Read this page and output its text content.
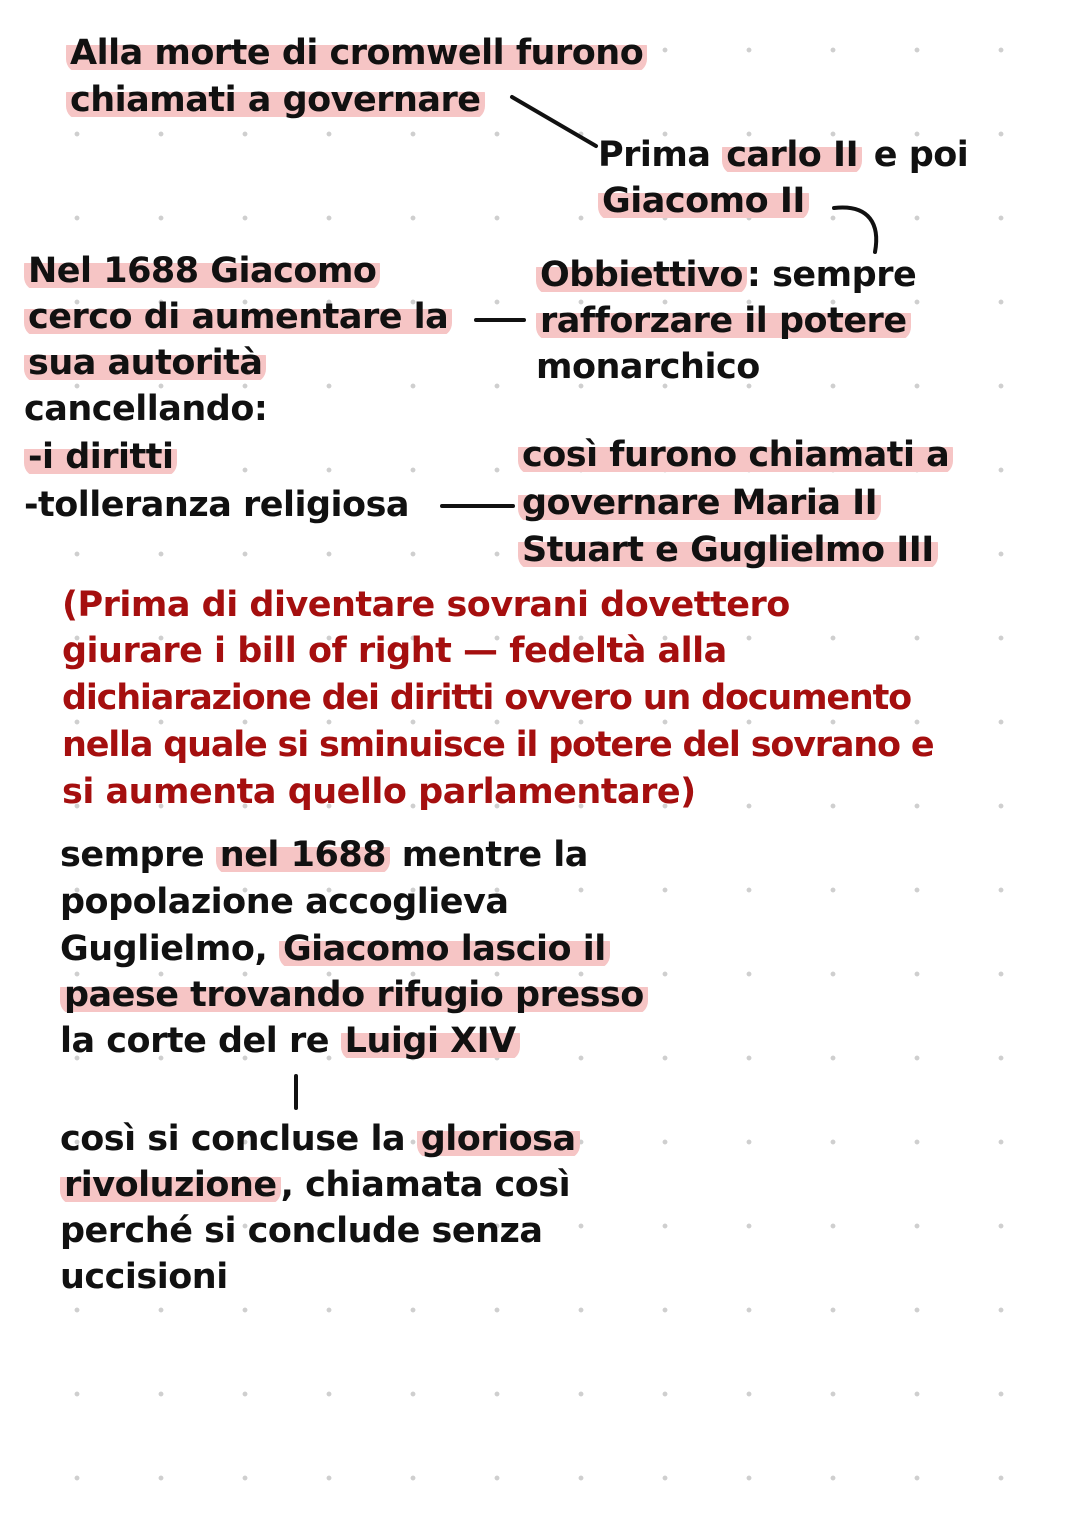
Alla morte di cromwell furono
chiamati a governare
Prima carlo II e poi
Giacomo II
Obbiettivo : sempre
rafforzare il potere
monarchico
Nel 1688 Giacomo
cerco di aumentare la
sua autorità
cancellando:
-i diritti
-tolleranza religiosa
così furono chiamati a
governare Maria II
Stuart e Guglielmo III
(Prima di diventare sovrani dovettero
giurare i bill of right — fedeltà alla
dichiarazione dei diritti ovvero un documento
nella quale si sminuisce il potere del sovrano e
si aumenta quello parlamentare)
sempre nel 1688 mentre la
popolazione accoglieva
Guglielmo, Giacomo lascio il
paese trovando rifugio presso
la corte del re Luigi XIV
così si concluse la gloriosa
rivoluzione , chiamata così
perché si conclude senza
uccisioni
